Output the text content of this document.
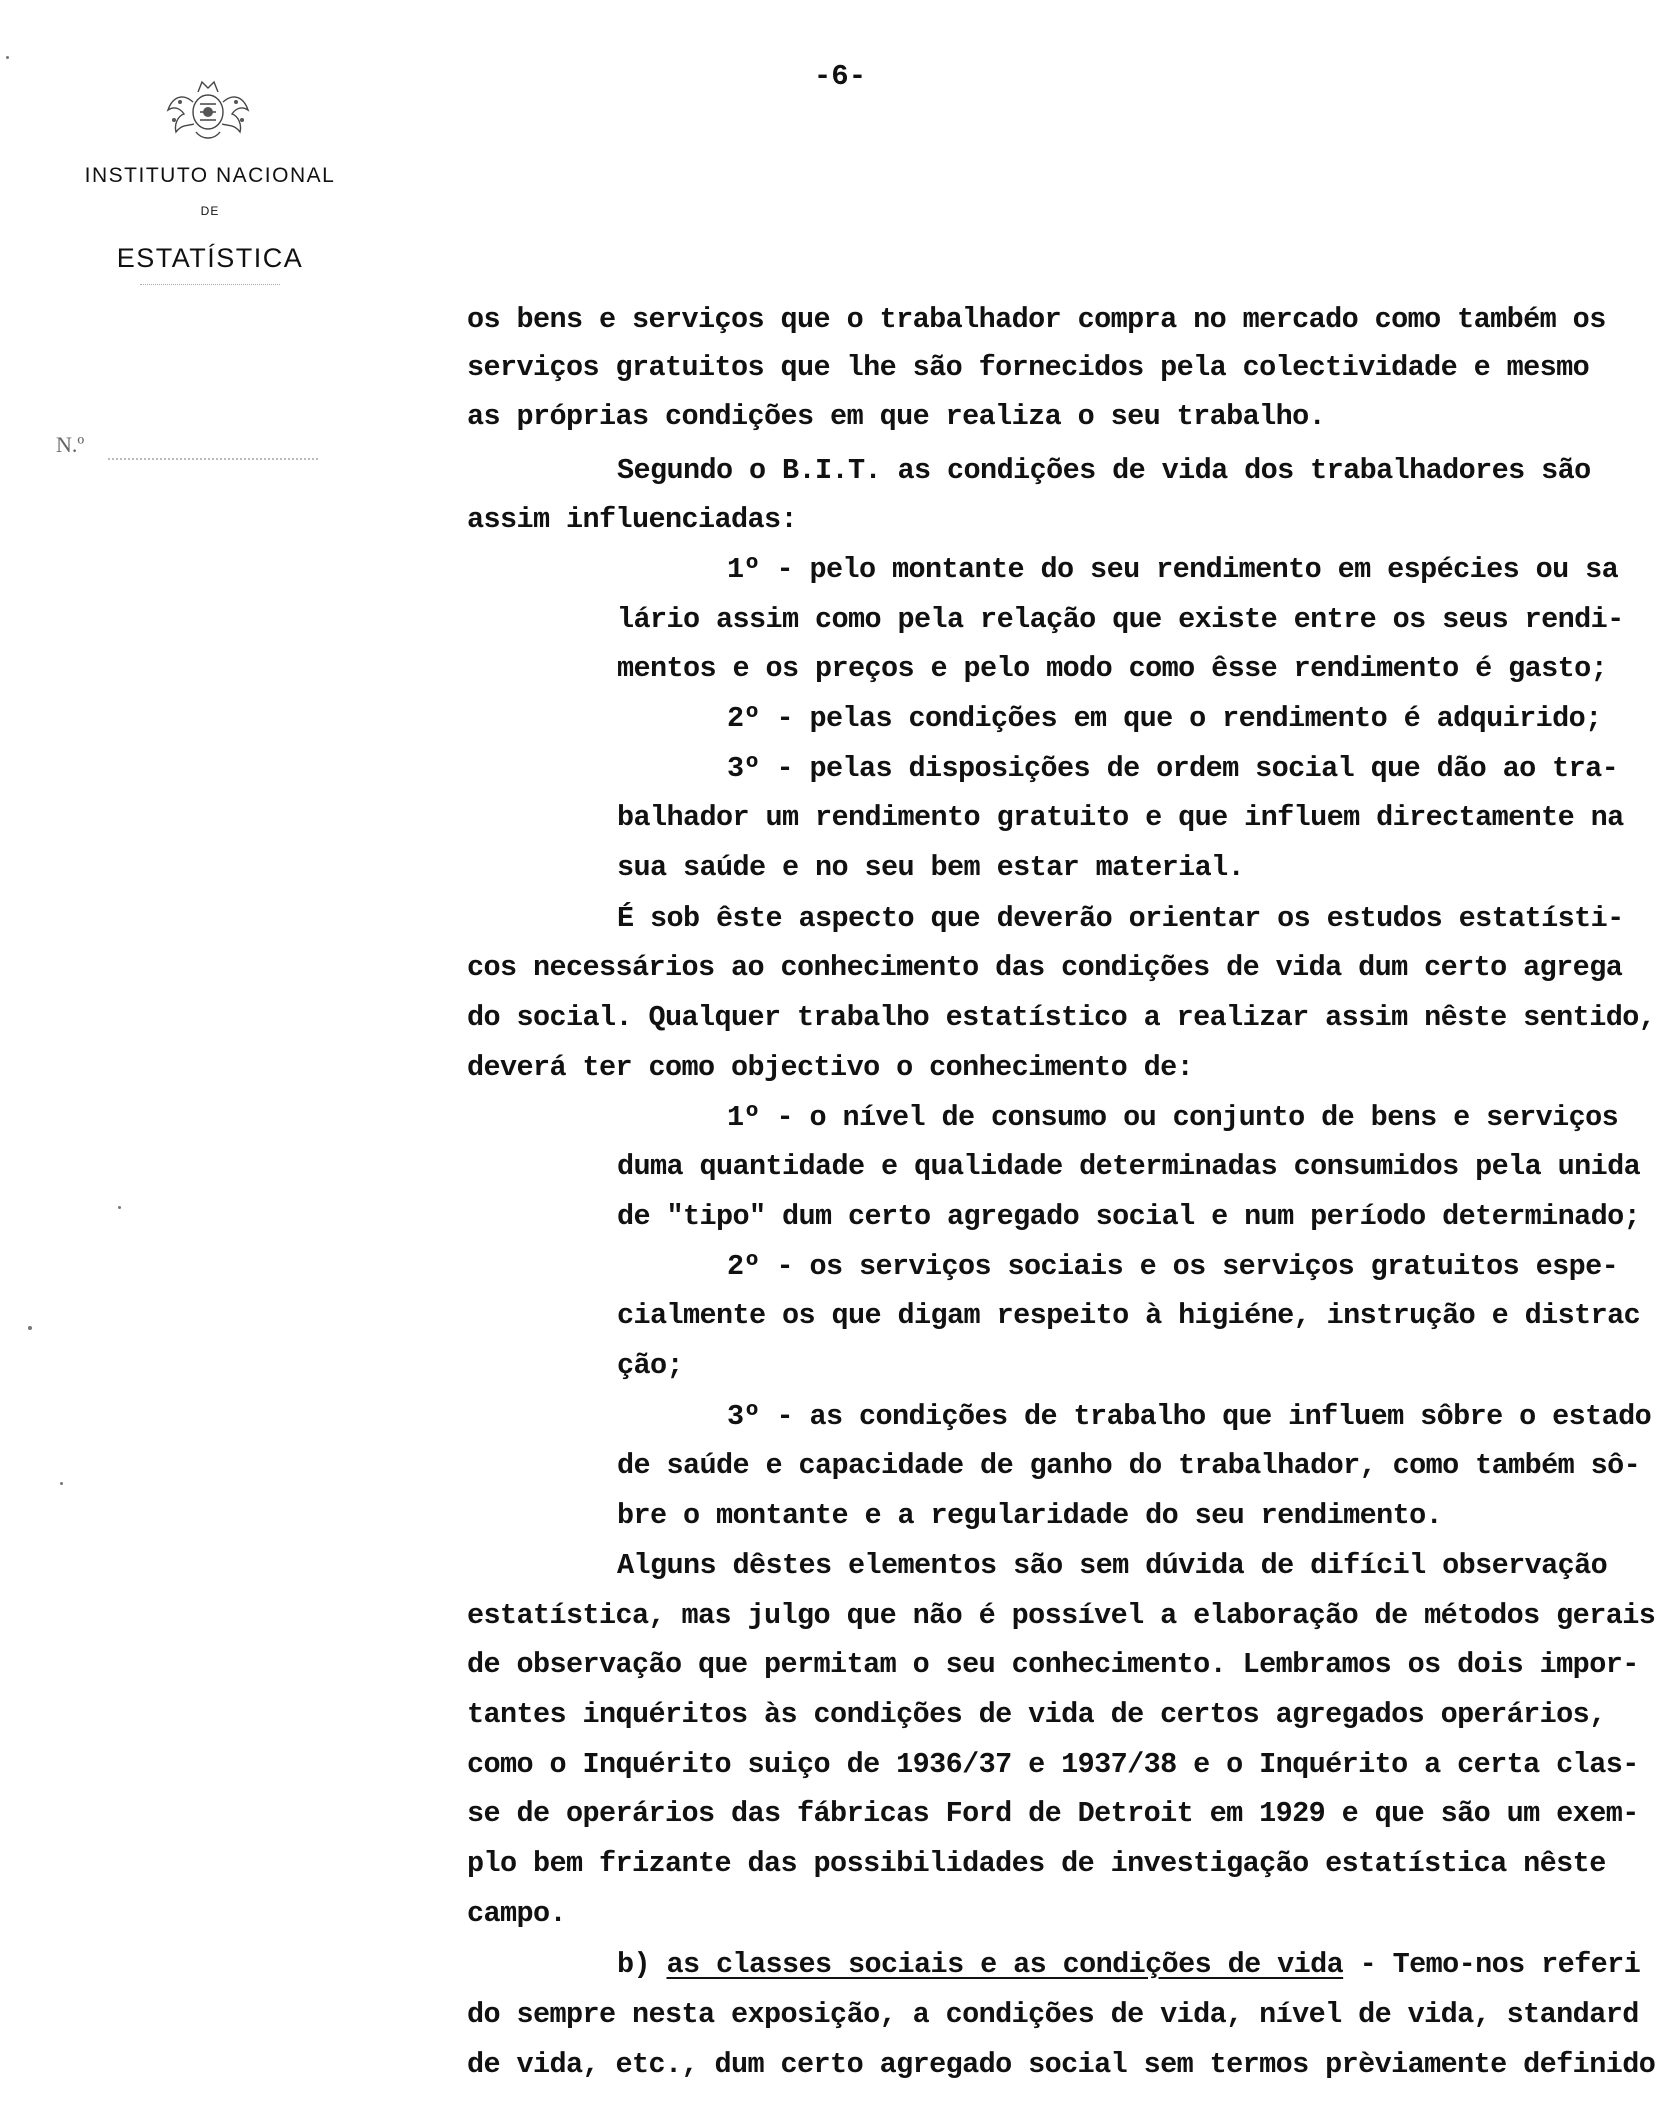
INSTITUTO NACIONAL
DE
ESTATÍSTICA
N.º
-6-
os bens e serviços que o trabalhador compra no mercado como também os
serviços gratuitos que lhe são fornecidos pela colectividade e mesmo
as próprias condições em que realiza o seu trabalho.
Segundo o B.I.T. as condições de vida dos trabalhadores são
assim influenciadas:
1º - pelo montante do seu rendimento em espécies ou sa
lário assim como pela relação que existe entre os seus rendi-
mentos e os preços e pelo modo como êsse rendimento é gasto;
2º - pelas condições em que o rendimento é adquirido;
3º - pelas disposições de ordem social que dão ao tra-
balhador um rendimento gratuito e que influem directamente na
sua saúde e no seu bem estar material.
É sob êste aspecto que deverão orientar os estudos estatísti-
cos necessários ao conhecimento das condições de vida dum certo agrega
do social. Qualquer trabalho estatístico a realizar assim nêste sentido,
deverá ter como objectivo o conhecimento de:
1º - o nível de consumo ou conjunto de bens e serviços
duma quantidade e qualidade determinadas consumidos pela unida
de "tipo" dum certo agregado social e num período determinado;
2º - os serviços sociais e os serviços gratuitos espe-
cialmente os que digam respeito à higiéne, instrução e distrac
ção;
3º - as condições de trabalho que influem sôbre o estado
de saúde e capacidade de ganho do trabalhador, como também sô-
bre o montante e a regularidade do seu rendimento.
Alguns dêstes elementos são sem dúvida de difícil observação
estatística, mas julgo que não é possível a elaboração de métodos gerais
de observação que permitam o seu conhecimento. Lembramos os dois impor-
tantes inquéritos às condições de vida de certos agregados operários,
como o Inquérito suiço de 1936/37 e 1937/38 e o Inquérito a certa clas-
se de operários das fábricas Ford de Detroit em 1929 e que são um exem-
plo bem frizante das possibilidades de investigação estatística nêste
campo.
b) as classes sociais e as condições de vida - Temo-nos referi
do sempre nesta exposição, a condições de vida, nível de vida, standard
de vida, etc., dum certo agregado social sem termos prèviamente definido
